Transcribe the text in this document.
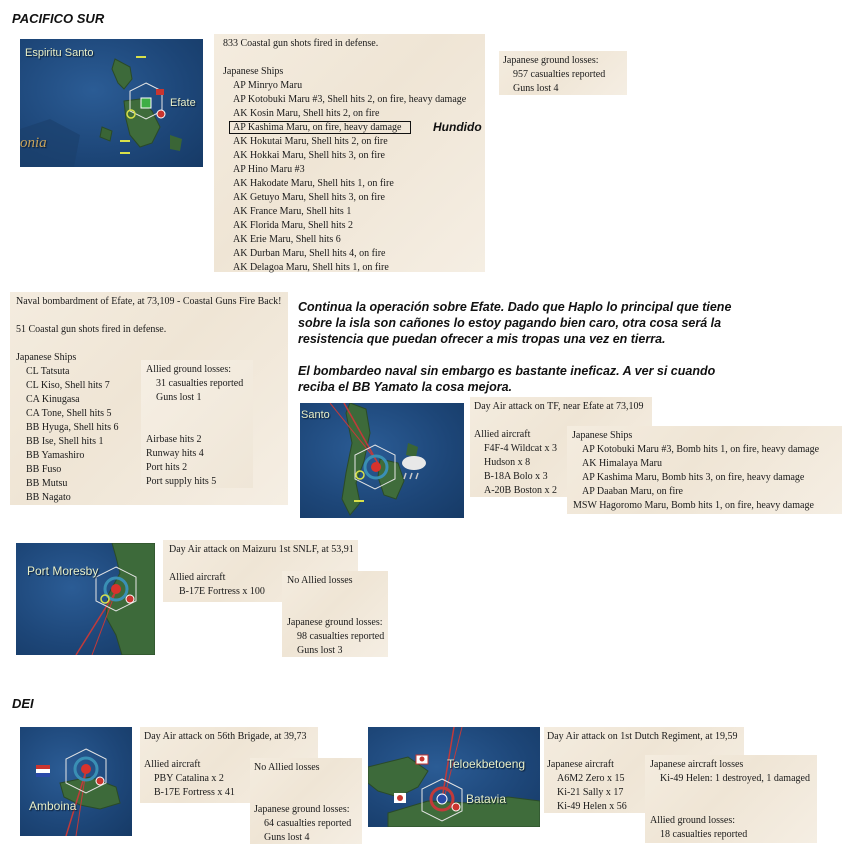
PACIFICO SUR
DEI
Espiritu Santo
Efate
onia
833 Coastal gun shots fired in defense.

Japanese Ships
AP Minryo Maru
AP Kotobuki Maru #3, Shell hits 2, on fire, heavy damage
AK Kosin Maru, Shell hits 2, on fire
AP Kashima Maru, on fire, heavy damage
AK Hokutai Maru, Shell hits 2, on fire
AK Hokkai Maru, Shell hits 3, on fire
AP Hino Maru #3
AK Hakodate Maru, Shell hits 1, on fire
AK Getuyo Maru, Shell hits 3, on fire
AK France Maru, Shell hits 1
AK Florida Maru, Shell hits 2
AK Erie Maru, Shell hits 6
AK Durban Maru, Shell hits 4, on fire
AK Delagoa Maru, Shell hits 1, on fire
Hundido
Japanese ground losses:
957 casualties reported
Guns lost 4
Naval bombardment of Efate, at 73,109 - Coastal Guns Fire Back!

51 Coastal gun shots fired in defense.

Japanese Ships
CL Tatsuta
CL Kiso, Shell hits 7
CA Kinugasa
CA Tone, Shell hits 5
BB Hyuga, Shell hits 6
BB Ise, Shell hits 1
BB Yamashiro
BB Fuso
BB Mutsu
BB Nagato
Allied ground losses:
31 casualties reported
Guns lost 1

Airbase hits 2
Runway hits 4
Port hits 2
Port supply hits 5
Continua la operación sobre Efate. Dado que Haplo lo principal que tiene sobre la isla son cañones lo estoy pagando bien caro, otra cosa será la resistencia que puedan ofrecer a mis tropas una vez en tierra.
El bombardeo naval sin embargo es bastante ineficaz. A ver si cuando reciba el BB Yamato la cosa mejora.
Santo
Day Air attack on TF, near Efate at 73,109

Allied aircraft
F4F-4 Wildcat x 3
Hudson x 8
B-18A Bolo x 3
A-20B Boston x 2
Japanese Ships
AP Kotobuki Maru #3, Bomb hits 1, on fire, heavy damage
AK Himalaya Maru
AP Kashima Maru, Bomb hits 3, on fire, heavy damage
AP Daaban Maru, on fire
MSW Hagoromo Maru, Bomb hits 1, on fire, heavy damage
Port Moresby
Day Air attack on Maizuru 1st SNLF, at 53,91

Allied aircraft
B-17E Fortress x 100
No Allied losses

Japanese ground losses:
98 casualties reported
Guns lost 3
Amboina
Day Air attack on 56th Brigade, at 39,73

Allied aircraft
PBY Catalina x 2
B-17E Fortress x 41
No Allied losses

Japanese ground losses:
64 casualties reported
Guns lost 4
Teloekbetoeng
Batavia
Day Air attack on 1st Dutch Regiment, at 19,59

Japanese aircraft
A6M2 Zero x 15
Ki-21 Sally x 17
Ki-49 Helen x 56
Japanese aircraft losses
Ki-49 Helen: 1 destroyed, 1 damaged

Allied ground losses:
18 casualties reported
